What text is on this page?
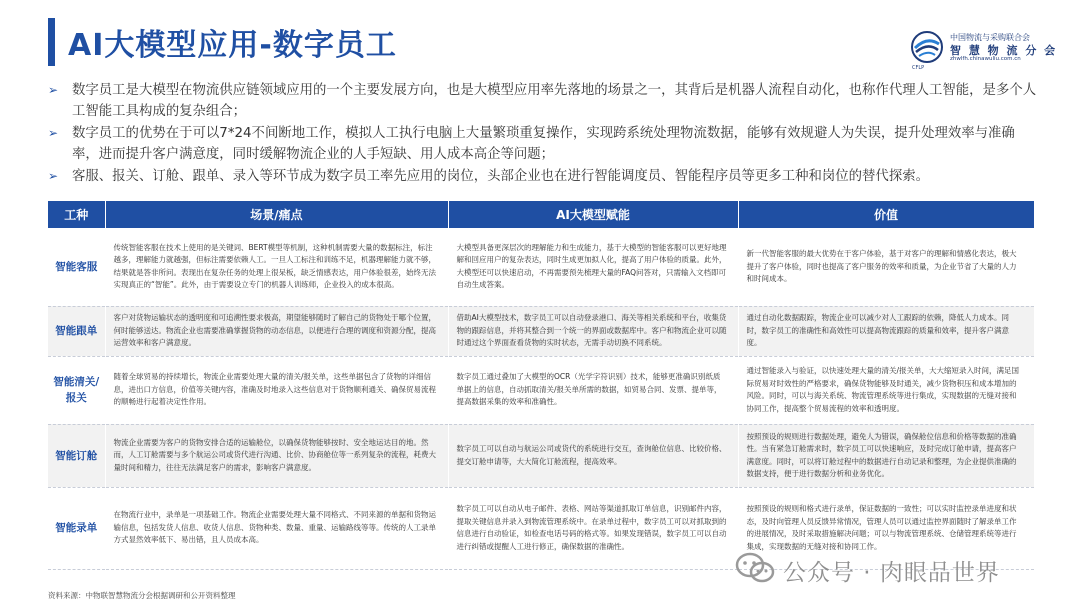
AI大模型应用-数字员工	中国物流与采购联合会
智 慧 物 流 分 会
zhwlfh.chinawuliu.com.cn
CFLP
➢ 数字员工是大模型在物流供应链领域应用的一个主要发展方向，也是大模型应用率先落地的场景之一，其背后是机器人流程自动化，也称作代理人工智能，是多个人工智能工具构成的复杂组合；
➢ 数字员工的优势在于可以7*24不间断地工作，模拟人工执行电脑上大量繁琐重复操作，实现跨系统处理物流数据，能够有效规避人为失误，提升处理效率与准确率，进而提升客户满意度，同时缓解物流企业的人手短缺、用人成本高企等问题；
➢ 客服、报关、订舱、跟单、录入等环节成为数字员工率先应用的岗位，头部企业也在进行智能调度员、智能程序员等更多工种和岗位的替代探索。
工种	场景/痛点	AI大模型赋能	价值
智能客服	传统智能客服在技术上使用的是关键词、BERT模型等机制，这种机制需要大量的数据标注，标注越多，理解能力就越强，但标注需要依赖人工。一旦人工标注和训练不足，机器理解能力就不够，结果就是答非所问。表现出在复杂任务的处理上很呆板，缺乏情感表达，用户体验很差，始终无法实现真正的“智能”。此外，由于需要设立专门的机器人训练师，企业投入的成本很高。	大模型具备更深层次的理解能力和生成能力，基于大模型的智能客服可以更好地理解和回应用户的复杂表达，同时生成更加拟人化，提高了用户体验的质量。此外，大模型还可以快速启动，不再需要预先梳理大量的FAQ问答对，只需输入文档即可自动生成答案。	新一代智能客服的最大优势在于客户体验，基于对客户的理解和情感化表达，极大提升了客户体验，同时也提高了客户服务的效率和质量，为企业节省了大量的人力和时间成本。
智能跟单	客户对货物运输状态的透明度和可追溯性要求极高，期望能够随时了解自己的货物处于哪个位置，何时能够送达。物流企业也需要准确掌握货物的动态信息，以便进行合理的调度和资源分配，提高运营效率和客户满意度。	借助AI大模型技术，数字员工可以自动登录港口、海关等相关系统和平台，收集货物的跟踪信息，并将其整合到一个统一的界面或数据库中。客户和物流企业可以随时通过这个界面查看货物的实时状态，无需手动切换不同系统。	通过自动化数据跟踪，物流企业可以减少对人工跟踪的依赖，降低人力成本。同时，数字员工的准确性和高效性可以提高物流跟踪的质量和效率，提升客户满意度。
智能清关/报关	随着全球贸易的持续增长，物流企业需要处理大量的清关/报关单，这些单据包含了货物的详细信息，进出口方信息，价值等关键内容，准确及时地录入这些信息对于货物顺利通关、确保贸易流程的顺畅进行起着决定性作用。	数字员工通过叠加了大模型的OCR（光学字符识别）技术，能够更准确识别纸质单据上的信息，自动抓取清关/报关单所需的数据，如贸易合同、发票、提单等，提高数据采集的效率和准确性。	通过智能录入与验证，以快速处理大量的清关/报关单，大大缩短录入时间，满足国际贸易对时效性的严格要求，确保货物能够及时通关，减少货物积压和成本增加的风险。同时，可以与海关系统、物流管理系统等进行集成，实现数据的无缝对接和协同工作，提高整个贸易流程的效率和透明度。
智能订舱	物流企业需要为客户的货物安排合适的运输舱位，以确保货物能够按时、安全地运达目的地。然而，人工订舱需要与多个航运公司或货代进行沟通、比价、协商舱位等一系列复杂的流程，耗费大量时间和精力，往往无法满足客户的需求，影响客户满意度。	数字员工可以自动与航运公司或货代的系统进行交互，查询舱位信息、比较价格、提交订舱申请等，大大简化订舱流程，提高效率。	按照预设的规则进行数据处理，避免人为错误，确保舱位信息和价格等数据的准确性。当有紧急订舱需求时，数字员工可以快速响应，及时完成订舱申请，提高客户满意度。同时，可以将订舱过程中的数据进行自动记录和整理，为企业提供准确的数据支持，便于进行数据分析和业务优化。
智能录单	在物流行业中，录单是一项基础工作。物流企业需要处理大量不同格式、不同来源的单据和货物运输信息，包括发货人信息、收货人信息、货物种类、数量、重量、运输路线等等。传统的人工录单方式显然效率低下、易出错，且人员成本高。	数字员工可以自动从电子邮件、表格、网站等渠道抓取订单信息，识别邮件内容，提取关键信息并录入到物流管理系统中。在录单过程中，数字员工可以对抓取到的信息进行自动验证，如检查电话号码的格式等。如果发现错误，数字员工可以自动进行纠错或提醒人工进行修正，确保数据的准确性。	按照预设的规则和格式进行录单，保证数据的一致性；可以实时监控录单进度和状态，及时向管理人员反馈异常情况，管理人员可以通过监控界面随时了解录单工作的进展情况，及时采取措施解决问题；可以与物流管理系统、仓储管理系统等进行集成，实现数据的无缝对接和协同工作。
资料来源：中物联智慧物流分会根据调研和公开资料整理
公众号 · 肉眼品世界
